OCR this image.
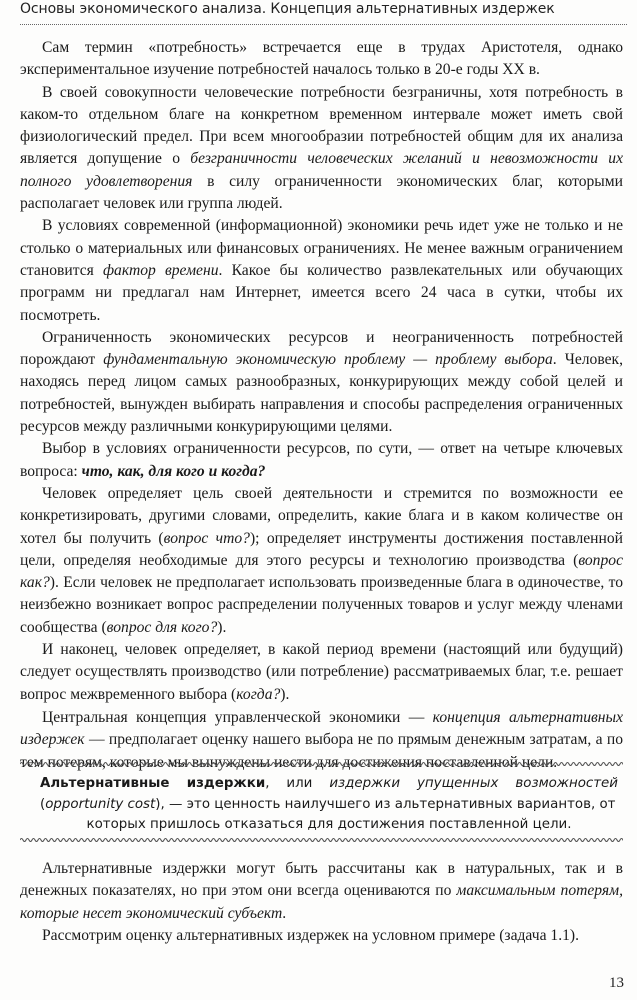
Основы экономического анализа. Концепция альтернативных издержек

Сам термин «потребность» встречается еще в трудах Аристотеля, однако экспериментальное изучение потребностей началось только в 20-е годы XX в.

В своей совокупности человеческие потребности безграничны, хотя потребность в каком-то отдельном благе на конкретном временном интервале может иметь свой физиологический предел. При всем многообразии потребностей общим для их анализа является допущение о безграничности человеческих желаний и невозможности их полного удовлетворения в силу ограниченности экономических благ, которыми располагает человек или группа людей.

В условиях современной (информационной) экономики речь идет уже не только и не столько о материальных или финансовых ограничениях. Не менее важным ограничением становится фактор времени. Какое бы количество развлекательных или обучающих программ ни предлагал нам Интернет, имеется всего 24 часа в сутки, чтобы их посмотреть.

Ограниченность экономических ресурсов и неограниченность потребностей порождают фундаментальную экономическую проблему — проблему выбора. Человек, находясь перед лицом самых разнообразных, конкурирующих между собой целей и потребностей, вынужден выбирать направления и способы распределения ограниченных ресурсов между различными конкурирующими целями.

Выбор в условиях ограниченности ресурсов, по сути, — ответ на четыре ключевых вопроса: что, как, для кого и когда?

Человек определяет цель своей деятельности и стремится по возможности ее конкретизировать, другими словами, определить, какие блага и в каком количестве он хотел бы получить (вопрос что?); определяет инструменты достижения поставленной цели, определяя необходимые для этого ресурсы и технологию производства (вопрос как?). Если человек не предполагает использовать произведенные блага в одиночестве, то неизбежно возникает вопрос распределении полученных товаров и услуг между членами сообщества (вопрос для кого?).

И наконец, человек определяет, в какой период времени (настоящий или будущий) следует осуществлять производство (или потребление) рассматриваемых благ, т.е. решает вопрос межвременного выбора (когда?).

Центральная концепция управленческой экономики — концепция альтернативных издержек — предполагает оценку нашего выбора не по прямым денежным затратам, а по тем потерям, которые мы вынуждены нести для достижения поставленной цели.

Альтернативные издержки, или издержки упущенных возможностей (opportunity cost), — это ценность наилучшего из альтернативных вариантов, от
которых пришлось отказаться для достижения поставленной цели.

Альтернативные издержки могут быть рассчитаны как в натуральных, так и в денежных показателях, но при этом они всегда оцениваются по максимальным потерям, которые несет экономический субъект.

Рассмотрим оценку альтернативных издержек на условном примере (задача 1.1).

13
